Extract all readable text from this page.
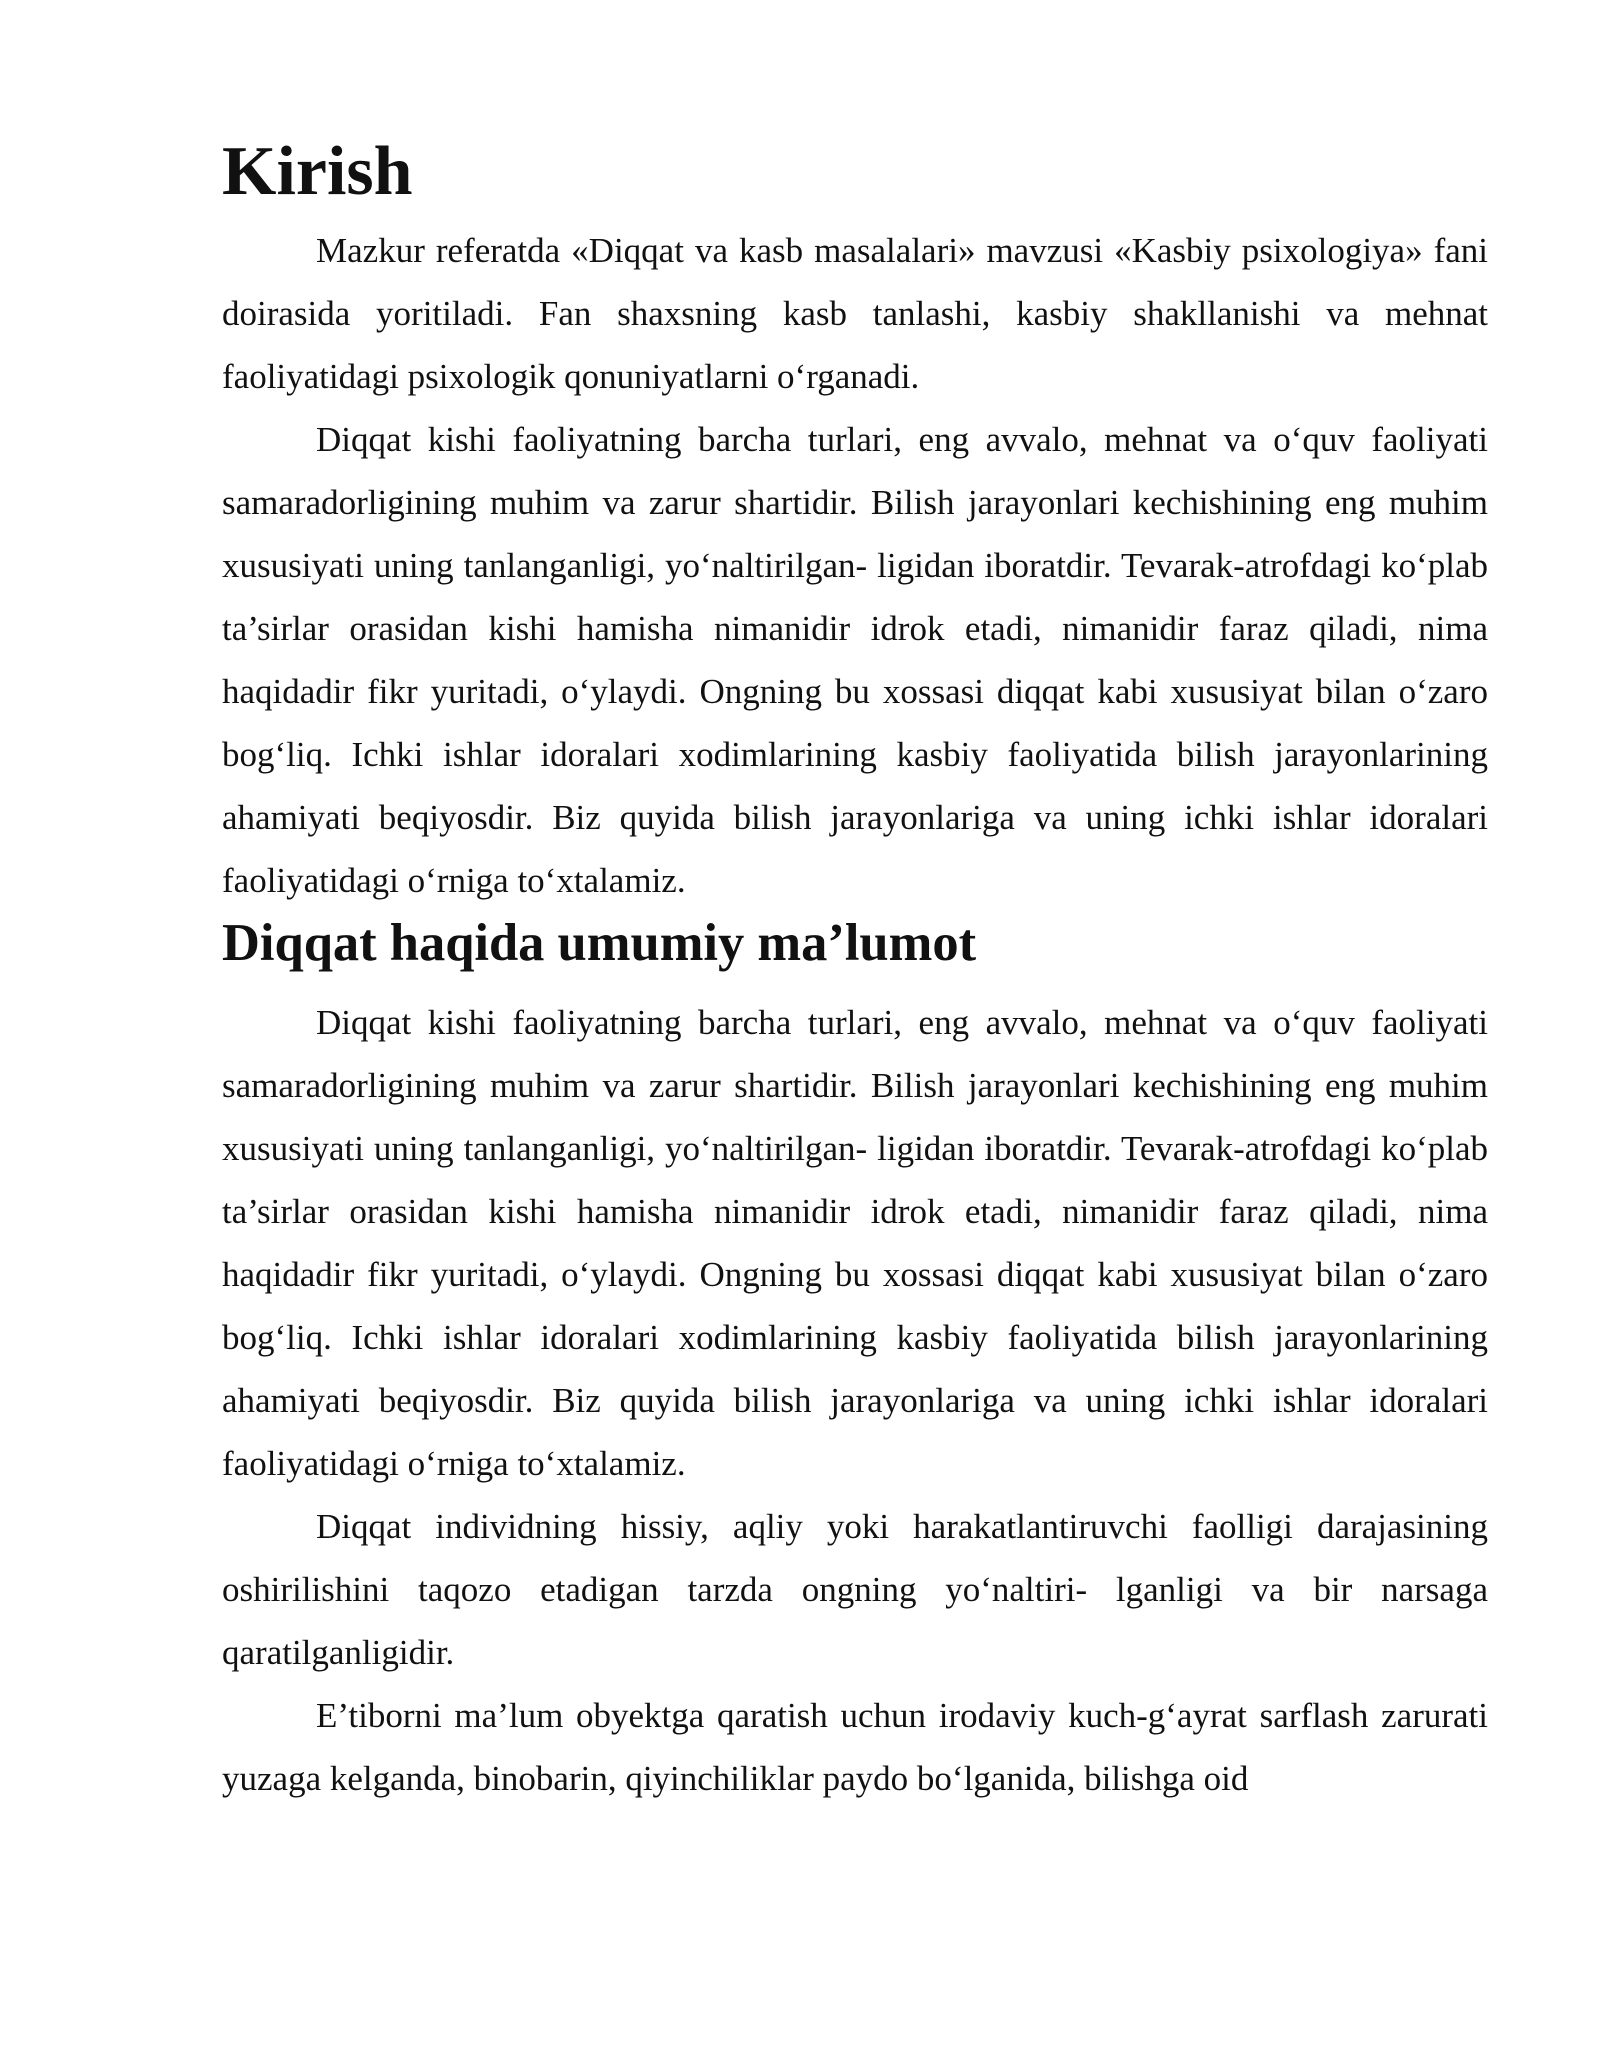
Kirish

Mazkur referatda «Diqqat va kasb masalalari» mavzusi «Kasbiy psixologiya» fani doirasida yoritiladi. Fan shaxsning kasb tanlashi, kasbiy shakllanishi va mehnat faoliyatidagi psixologik qonuniyatlarni o‘rganadi.

Diqqat kishi faoliyatning barcha turlari, eng avvalo, mehnat va o‘quv faoliyati samaradorligining muhim va zarur shartidir. Bilish jarayonlari kechishining eng muhim xususiyati uning tanlanganligi, yo‘naltirilgan- ligidan iboratdir. Tevarak-atrofdagi ko‘plab ta’sirlar orasidan kishi hamisha nimanidir idrok etadi, nimanidir faraz qiladi, nima haqidadir fikr yuritadi, o‘ylaydi. Ongning bu xossasi diqqat kabi xususiyat bilan o‘zaro bog‘liq. Ichki ishlar idoralari xodimlarining kasbiy faoliyatida bilish jarayonlarining ahamiyati beqiyosdir. Biz quyida bilish jarayonlariga va uning ichki ishlar idoralari faoliyatidagi o‘rniga to‘xtalamiz.

Diqqat haqida umumiy ma’lumot

Diqqat kishi faoliyatning barcha turlari, eng avvalo, mehnat va o‘quv faoliyati samaradorligining muhim va zarur shartidir. Bilish jarayonlari kechishining eng muhim xususiyati uning tanlanganligi, yo‘naltirilgan- ligidan iboratdir. Tevarak-atrofdagi ko‘plab ta’sirlar orasidan kishi hamisha nimanidir idrok etadi, nimanidir faraz qiladi, nima haqidadir fikr yuritadi, o‘ylaydi. Ongning bu xossasi diqqat kabi xususiyat bilan o‘zaro bog‘liq. Ichki ishlar idoralari xodimlarining kasbiy faoliyatida bilish jarayonlarining ahamiyati beqiyosdir. Biz quyida bilish jarayonlariga va uning ichki ishlar idoralari faoliyatidagi o‘rniga to‘xtalamiz.

Diqqat individning hissiy, aqliy yoki harakatlantiruvchi faolligi darajasining oshirilishini taqozo etadigan tarzda ongning yo‘naltiri- lganligi va bir narsaga qaratilganligidir.

E’tiborni ma’lum obyektga qaratish uchun irodaviy kuch-g‘ayrat sarflash zarurati yuzaga kelganda, binobarin, qiyinchiliklar paydo bo‘lganida, bilishga oid
